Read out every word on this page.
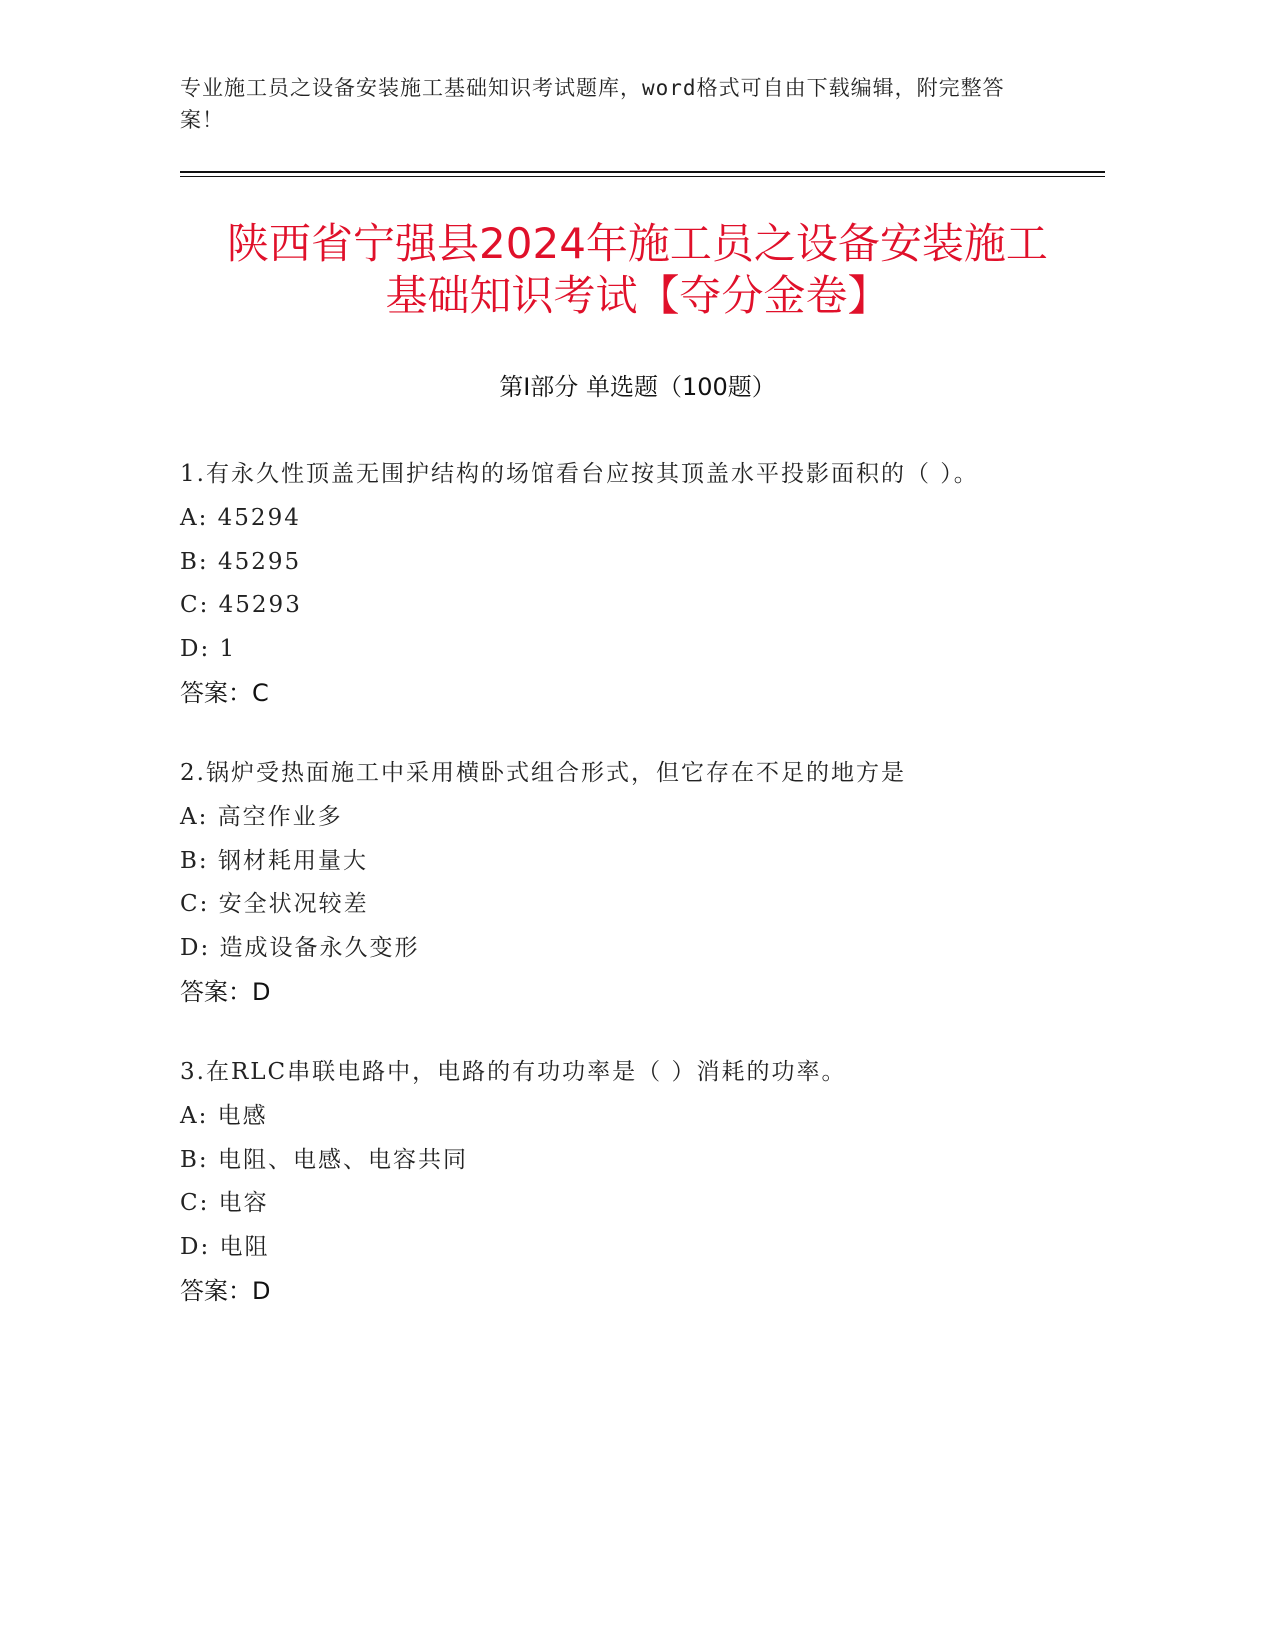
专业施工员之设备安装施工基础知识考试题库，word格式可自由下载编辑，附完整答案！
陕西省宁强县2024年施工员之设备安装施工
基础知识考试【夺分金卷】
第Ⅰ部分 单选题（100题）
1.有永久性顶盖无围护结构的场馆看台应按其顶盖水平投影面积的（ ）。
A: 45294
B: 45295
C: 45293
D: 1
答案：C
2.锅炉受热面施工中采用横卧式组合形式，但它存在不足的地方是
A: 高空作业多
B: 钢材耗用量大
C: 安全状况较差
D: 造成设备永久变形
答案：D
3.在RLC串联电路中，电路的有功功率是（ ）消耗的功率。
A: 电感
B: 电阻、电感、电容共同
C: 电容
D: 电阻
答案：D
